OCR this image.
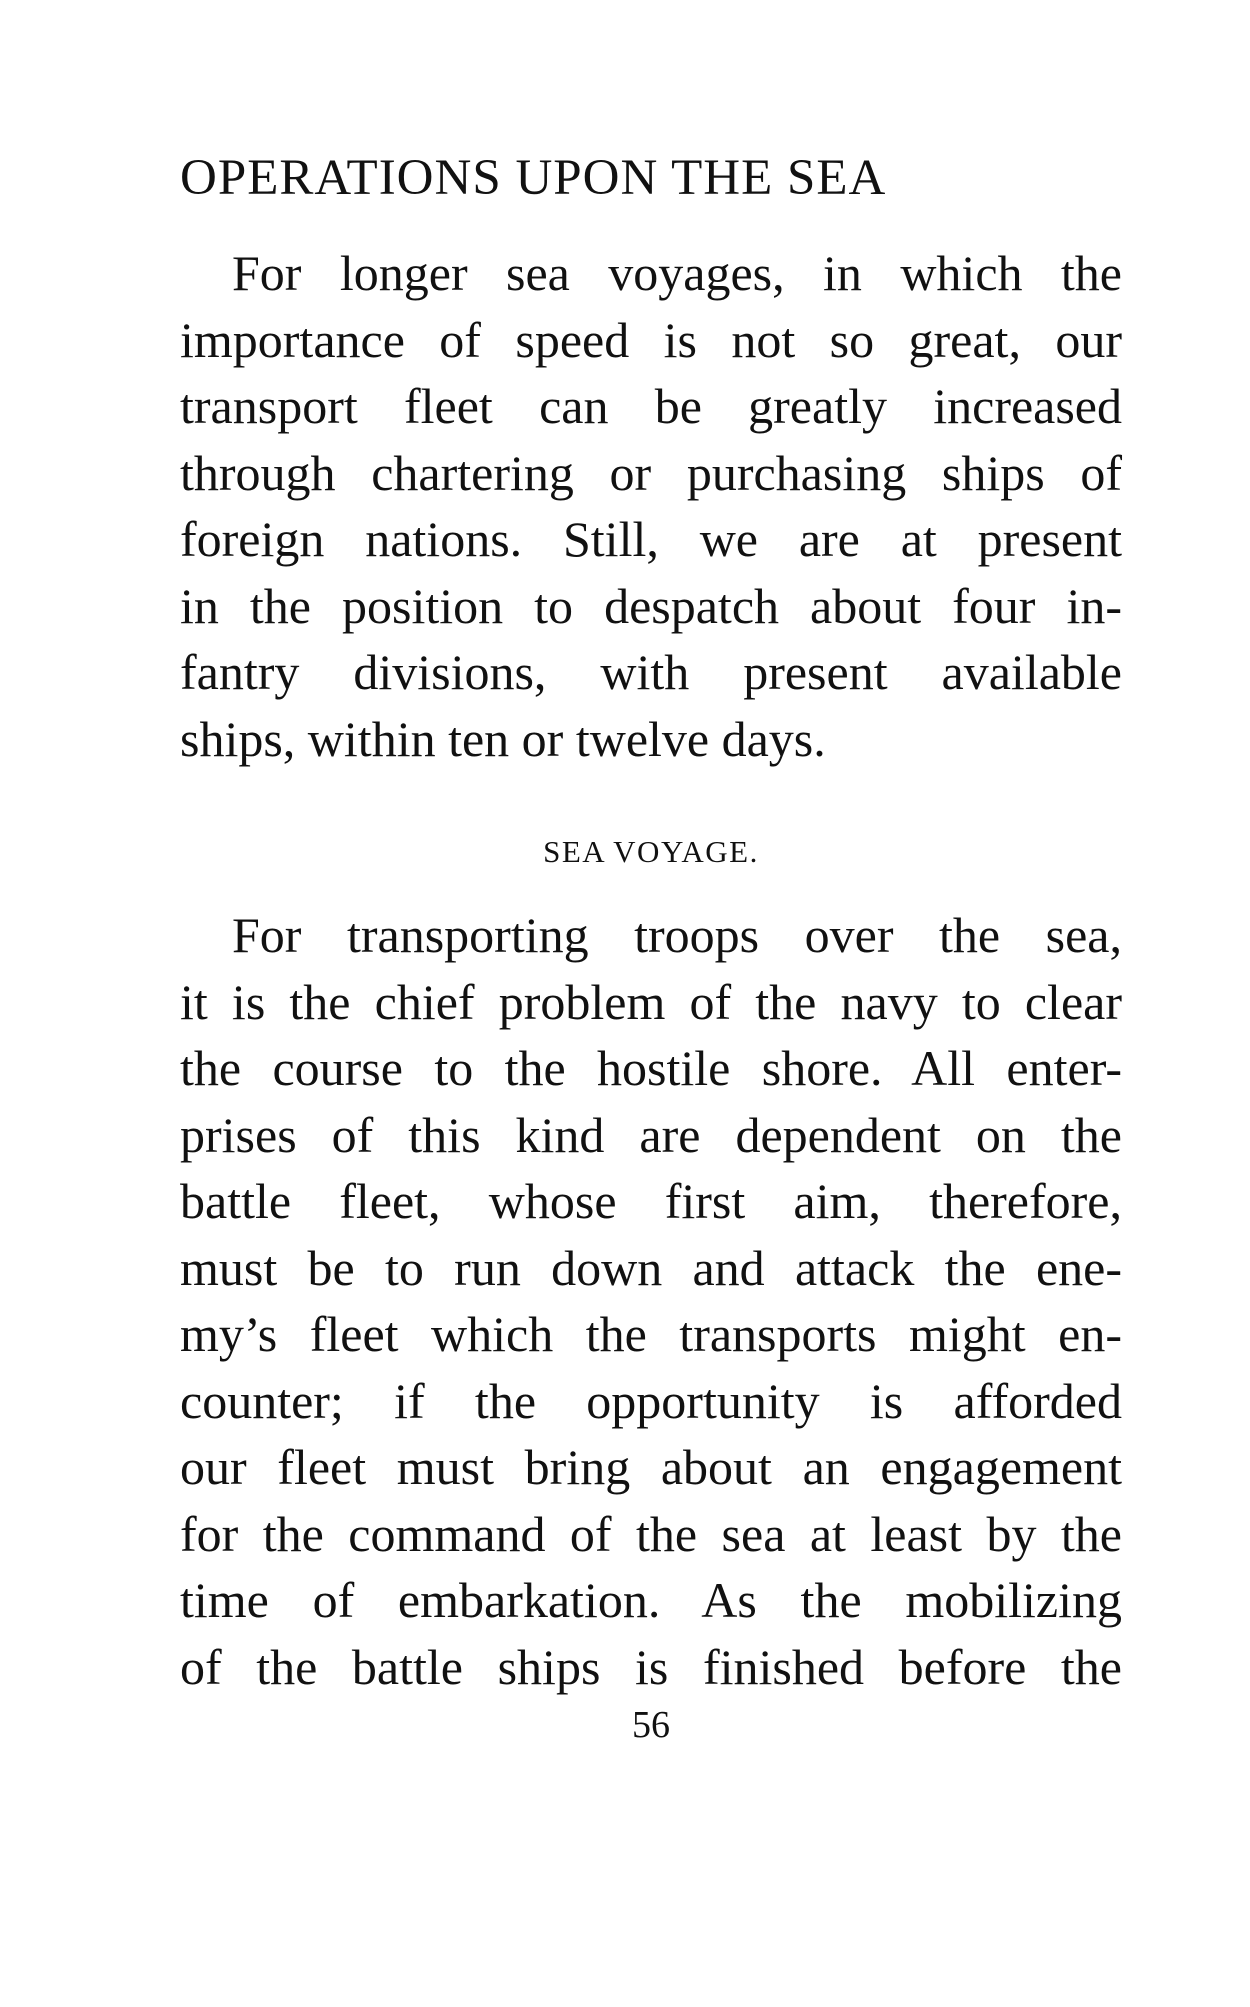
OPERATIONS UPON THE SEA
For longer sea voyages, in which the
importance of speed is not so great, our
transport fleet can be greatly increased
through chartering or purchasing ships of
foreign nations. Still, we are at present
in the position to despatch about four in-
fantry divisions, with present available
ships, within ten or twelve days.
SEA VOYAGE.
For transporting troops over the sea,
it is the chief problem of the navy to clear
the course to the hostile shore. All enter-
prises of this kind are dependent on the
battle fleet, whose first aim, therefore,
must be to run down and attack the ene-
my’s fleet which the transports might en-
counter; if the opportunity is afforded
our fleet must bring about an engagement
for the command of the sea at least by the
time of embarkation. As the mobilizing
of the battle ships is finished before the
56
